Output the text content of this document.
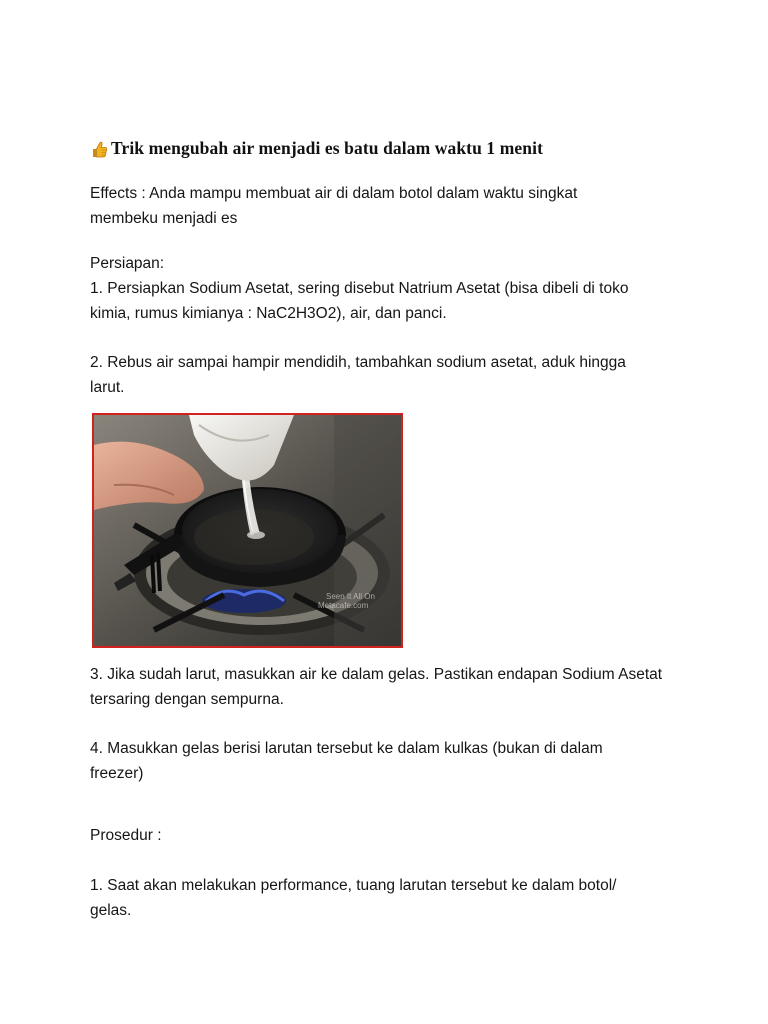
Trik mengubah air menjadi es batu dalam waktu 1 menit
Effects : Anda mampu membuat air di dalam botol dalam waktu singkat
membeku menjadi es
Persiapan:
1. Persiapkan Sodium Asetat, sering disebut Natrium Asetat (bisa dibeli di toko
kimia, rumus kimianya : NaC2H3O2), air, dan panci.
2. Rebus air sampai hampir mendidih, tambahkan sodium asetat, aduk hingga
larut.
Seen It All On
Metacafe.com
3. Jika sudah larut, masukkan air ke dalam gelas. Pastikan endapan Sodium Asetat
tersaring dengan sempurna.
4. Masukkan gelas berisi larutan tersebut ke dalam kulkas (bukan di dalam
freezer)
Prosedur :
1. Saat akan melakukan performance, tuang larutan tersebut ke dalam botol/
gelas.
